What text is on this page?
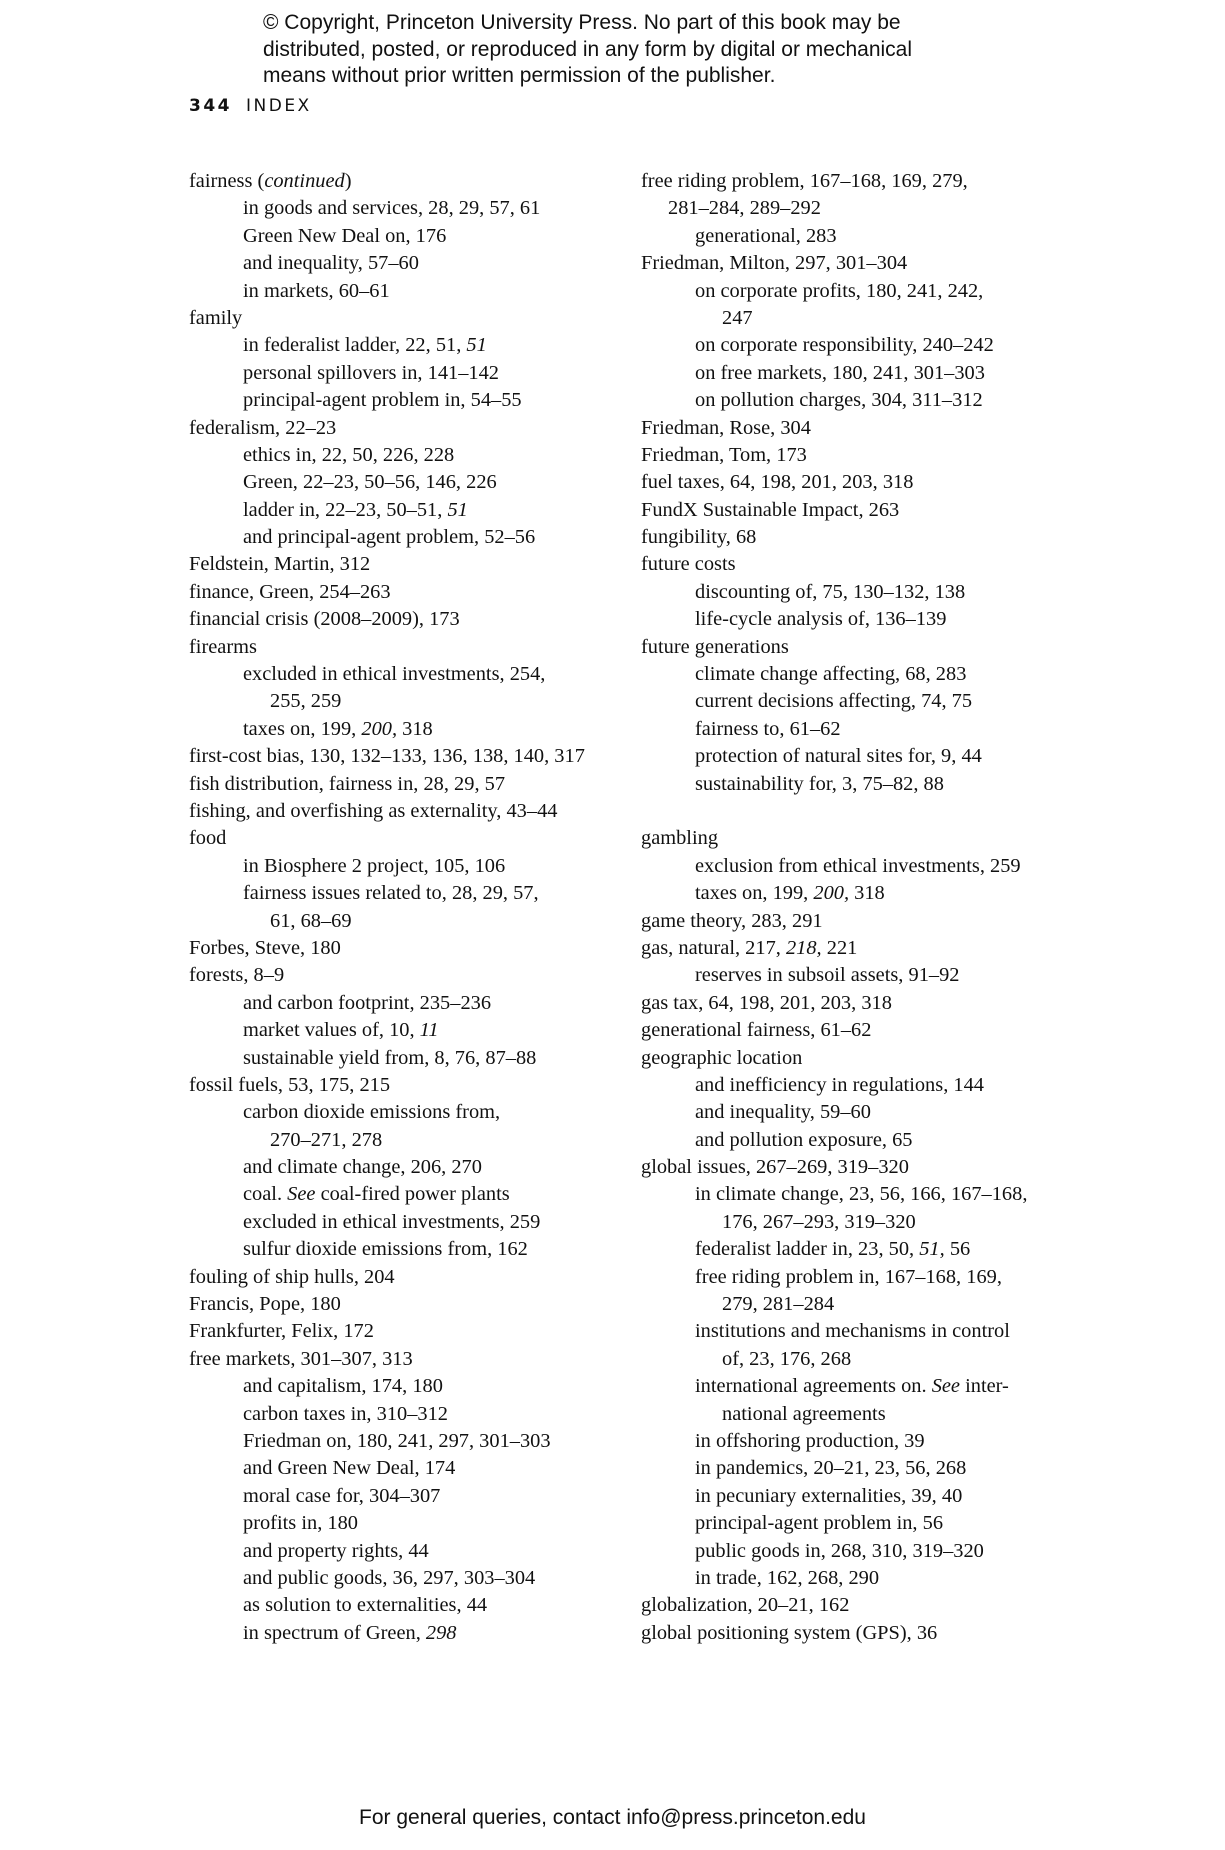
© Copyright, Princeton University Press. No part of this book may be
distributed, posted, or reproduced in any form by digital or mechanical
means without prior written permission of the publisher.
344 INDEX
fairness (continued)
in goods and services, 28, 29, 57, 61
Green New Deal on, 176
and inequality, 57–60
in markets, 60–61
family
in federalist ladder, 22, 51, 51
personal spillovers in, 141–142
principal-agent problem in, 54–55
federalism, 22–23
ethics in, 22, 50, 226, 228
Green, 22–23, 50–56, 146, 226
ladder in, 22–23, 50–51, 51
and principal-agent problem, 52–56
Feldstein, Martin, 312
finance, Green, 254–263
financial crisis (2008–2009), 173
firearms
excluded in ethical investments, 254,
255, 259
taxes on, 199, 200, 318
first-cost bias, 130, 132–133, 136, 138, 140, 317
fish distribution, fairness in, 28, 29, 57
fishing, and overfishing as externality, 43–44
food
in Biosphere 2 project, 105, 106
fairness issues related to, 28, 29, 57,
61, 68–69
Forbes, Steve, 180
forests, 8–9
and carbon footprint, 235–236
market values of, 10, 11
sustainable yield from, 8, 76, 87–88
fossil fuels, 53, 175, 215
carbon dioxide emissions from,
270–271, 278
and climate change, 206, 270
coal. See coal-fired power plants
excluded in ethical investments, 259
sulfur dioxide emissions from, 162
fouling of ship hulls, 204
Francis, Pope, 180
Frankfurter, Felix, 172
free markets, 301–307, 313
and capitalism, 174, 180
carbon taxes in, 310–312
Friedman on, 180, 241, 297, 301–303
and Green New Deal, 174
moral case for, 304–307
profits in, 180
and property rights, 44
and public goods, 36, 297, 303–304
as solution to externalities, 44
in spectrum of Green, 298
free riding problem, 167–168, 169, 279,
281–284, 289–292
generational, 283
Friedman, Milton, 297, 301–304
on corporate profits, 180, 241, 242,
247
on corporate responsibility, 240–242
on free markets, 180, 241, 301–303
on pollution charges, 304, 311–312
Friedman, Rose, 304
Friedman, Tom, 173
fuel taxes, 64, 198, 201, 203, 318
FundX Sustainable Impact, 263
fungibility, 68
future costs
discounting of, 75, 130–132, 138
life-cycle analysis of, 136–139
future generations
climate change affecting, 68, 283
current decisions affecting, 74, 75
fairness to, 61–62
protection of natural sites for, 9, 44
sustainability for, 3, 75–82, 88
gambling
exclusion from ethical investments, 259
taxes on, 199, 200, 318
game theory, 283, 291
gas, natural, 217, 218, 221
reserves in subsoil assets, 91–92
gas tax, 64, 198, 201, 203, 318
generational fairness, 61–62
geographic location
and inefficiency in regulations, 144
and inequality, 59–60
and pollution exposure, 65
global issues, 267–269, 319–320
in climate change, 23, 56, 166, 167–168,
176, 267–293, 319–320
federalist ladder in, 23, 50, 51, 56
free riding problem in, 167–168, 169,
279, 281–284
institutions and mechanisms in control
of, 23, 176, 268
international agreements on. See inter-
national agreements
in offshoring production, 39
in pandemics, 20–21, 23, 56, 268
in pecuniary externalities, 39, 40
principal-agent problem in, 56
public goods in, 268, 310, 319–320
in trade, 162, 268, 290
globalization, 20–21, 162
global positioning system (GPS), 36
For general queries, contact info@press.princeton.edu
